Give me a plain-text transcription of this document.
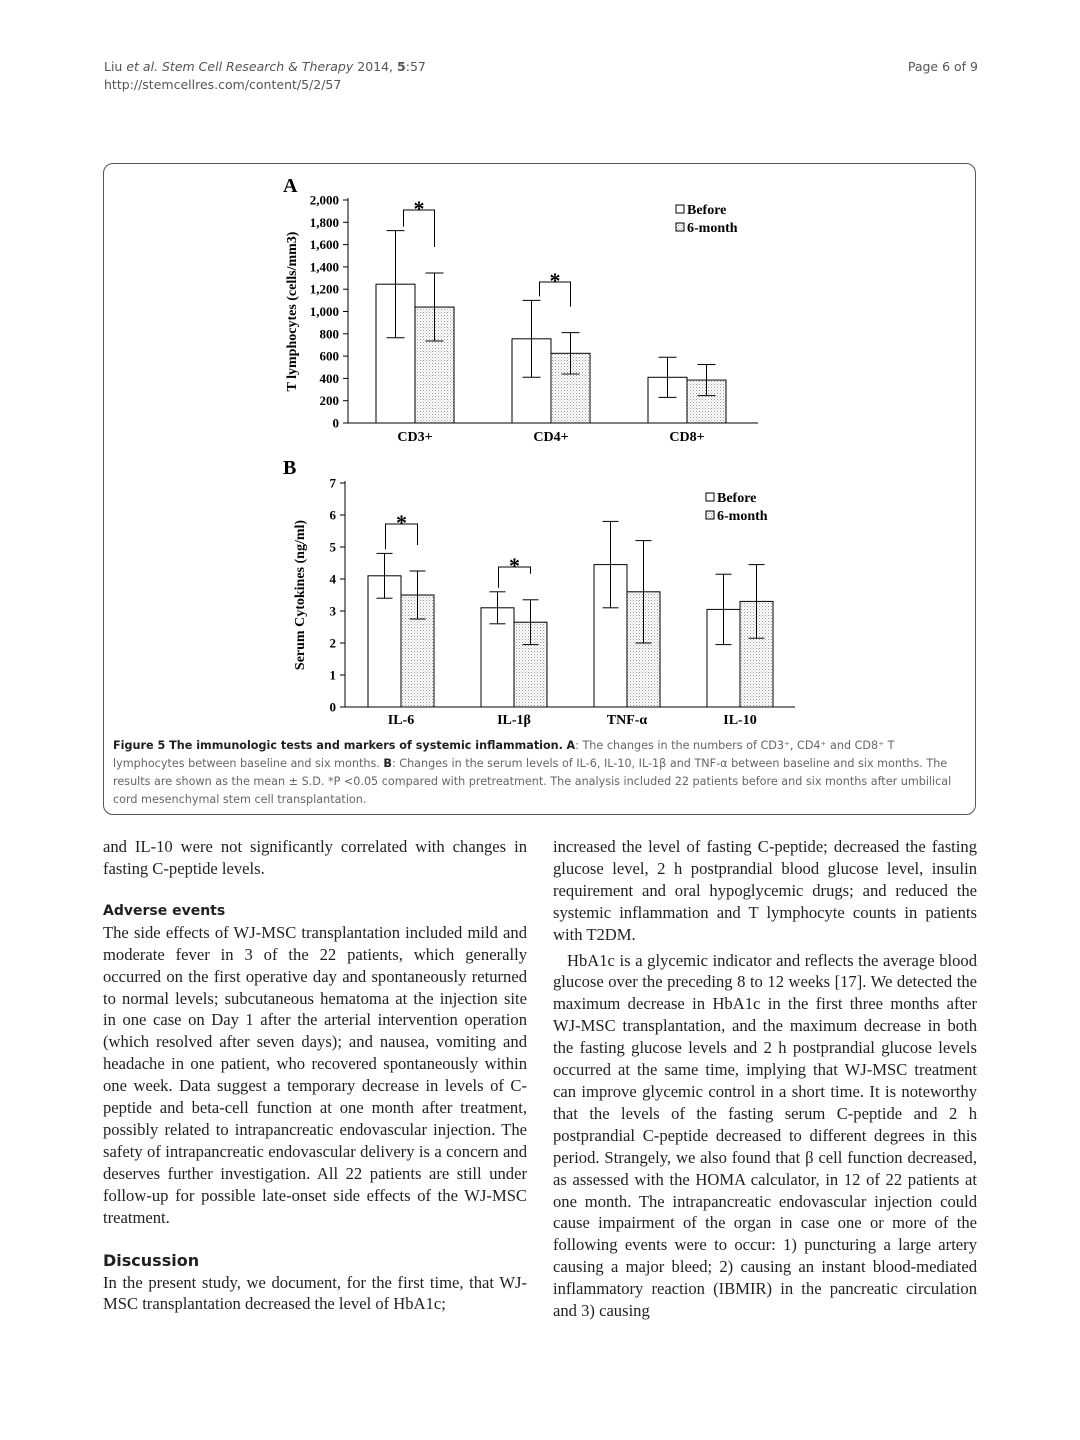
Liu et al. Stem Cell Research & Therapy 2014, 5:57
http://stemcellres.com/content/5/2/57
Page 6 of 9
A
0
200
400
600
800
1,000
1,200
1,400
1,600
1,800
2,000
T lymphocytes (cells/mm3)
CD3+
*
CD4+
*
CD8+
Before
6-month
B
0
1
2
3
4
5
6
7
Serum Cytokines (ng/ml)
IL-6
*
IL-1β
*
TNF-α	IL-10
Before
6-month
Figure 5 The immunologic tests and markers of systemic inflammation. A: The changes in the numbers of CD3⁺, CD4⁺ and CD8⁺ T lymphocytes between baseline and six months. B: Changes in the serum levels of IL-6, IL-10, IL-1β and TNF-α between baseline and six months. The results are shown as the mean ± S.D. *P <0.05 compared with pretreatment. The analysis included 22 patients before and six months after umbilical cord mesenchymal stem cell transplantation.

and IL-10 were not significantly correlated with changes in fasting C-peptide levels.

Adverse events

The side effects of WJ-MSC transplantation included mild and moderate fever in 3 of the 22 patients, which generally occurred on the first operative day and spontaneously returned to normal levels; subcutaneous hematoma at the injection site in one case on Day 1 after the arterial intervention operation (which resolved after seven days); and nausea, vomiting and headache in one patient, who recovered spontaneously within one week. Data suggest a temporary decrease in levels of C-peptide and beta-cell function at one month after treatment, possibly related to intrapancreatic endovascular injection. The safety of intrapancreatic endovascular delivery is a concern and deserves further investigation. All 22 patients are still under follow-up for possible late-onset side effects of the WJ-MSC treatment.

Discussion

In the present study, we document, for the first time, that WJ-MSC transplantation decreased the level of HbA1c;

increased the level of fasting C-peptide; decreased the fasting glucose level, 2 h postprandial blood glucose level, insulin requirement and oral hypoglycemic drugs; and reduced the systemic inflammation and T lymphocyte counts in patients with T2DM.

HbA1c is a glycemic indicator and reflects the average blood glucose over the preceding 8 to 12 weeks [17]. We detected the maximum decrease in HbA1c in the first three months after WJ-MSC transplantation, and the maximum decrease in both the fasting glucose levels and 2 h postprandial glucose levels occurred at the same time, implying that WJ-MSC treatment can improve glycemic control in a short time. It is noteworthy that the levels of the fasting serum C-peptide and 2 h postprandial C-peptide decreased to different degrees in this period. Strangely, we also found that β cell function decreased, as assessed with the HOMA calculator, in 12 of 22 patients at one month. The intrapancreatic endovascular injection could cause impairment of the organ in case one or more of the following events were to occur: 1) puncturing a large artery causing a major bleed; 2) causing an instant blood-mediated inflammatory reaction (IBMIR) in the pancreatic circulation and 3) causing
